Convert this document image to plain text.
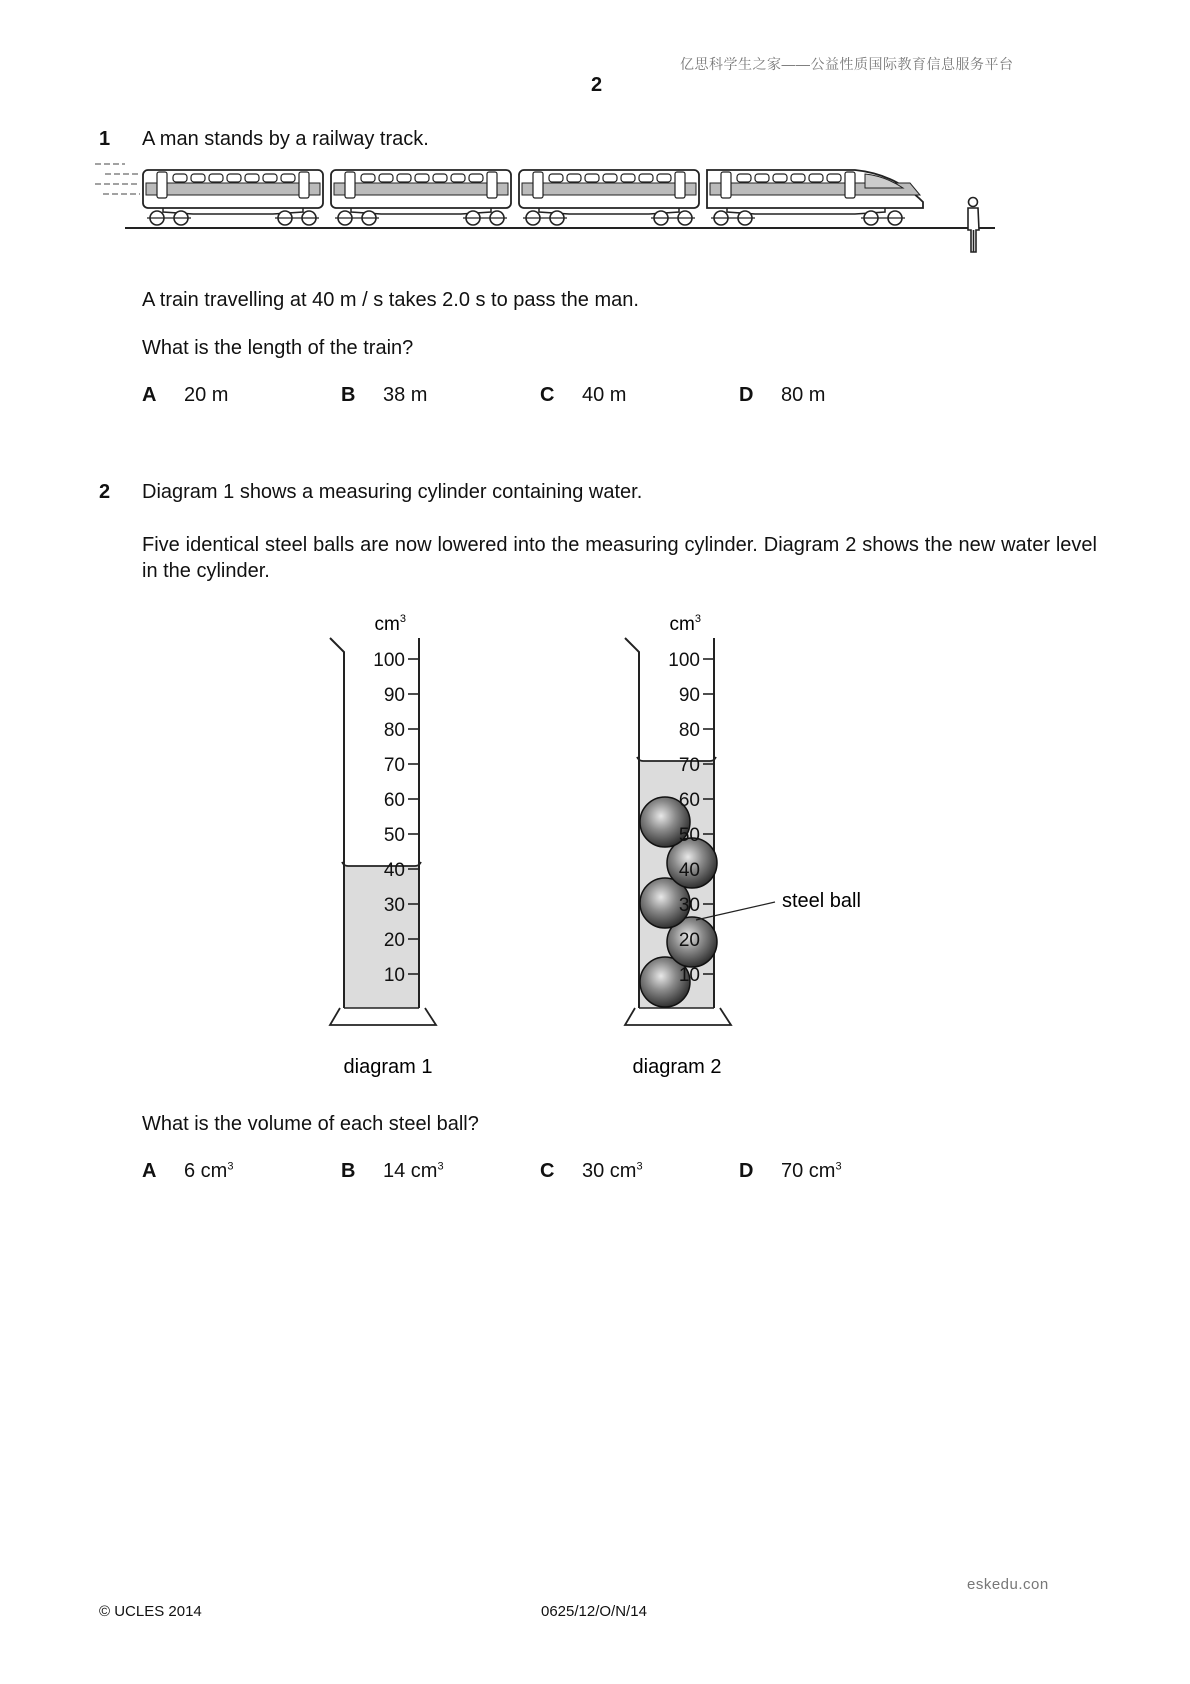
亿思科学生之家——公益性质国际教育信息服务平台
2
1 A man stands by a railway track.
A train travelling at 40 m / s takes 2.0 s to pass the man.
What is the length of the train?
A 20 m	B 38 m	C 40 m	D 80 m
2 Diagram 1 shows a measuring cylinder containing water.
Five identical steel balls are now lowered into the measuring cylinder. Diagram 2 shows the new water level in the cylinder.
$cm^3$
100
90
80
70
60
50
40
30
20
10
diagram 1
$cm^3$
100
90
80
70
60
50
40
30
20
10
steel ball
diagram 2
What is the volume of each steel ball?
A 6 $cm^3$	B 14 $cm^3$	C 30 $cm^3$	D 70 $cm^3$
eskedu.con
© UCLES 2014	0625/12/O/N/14
